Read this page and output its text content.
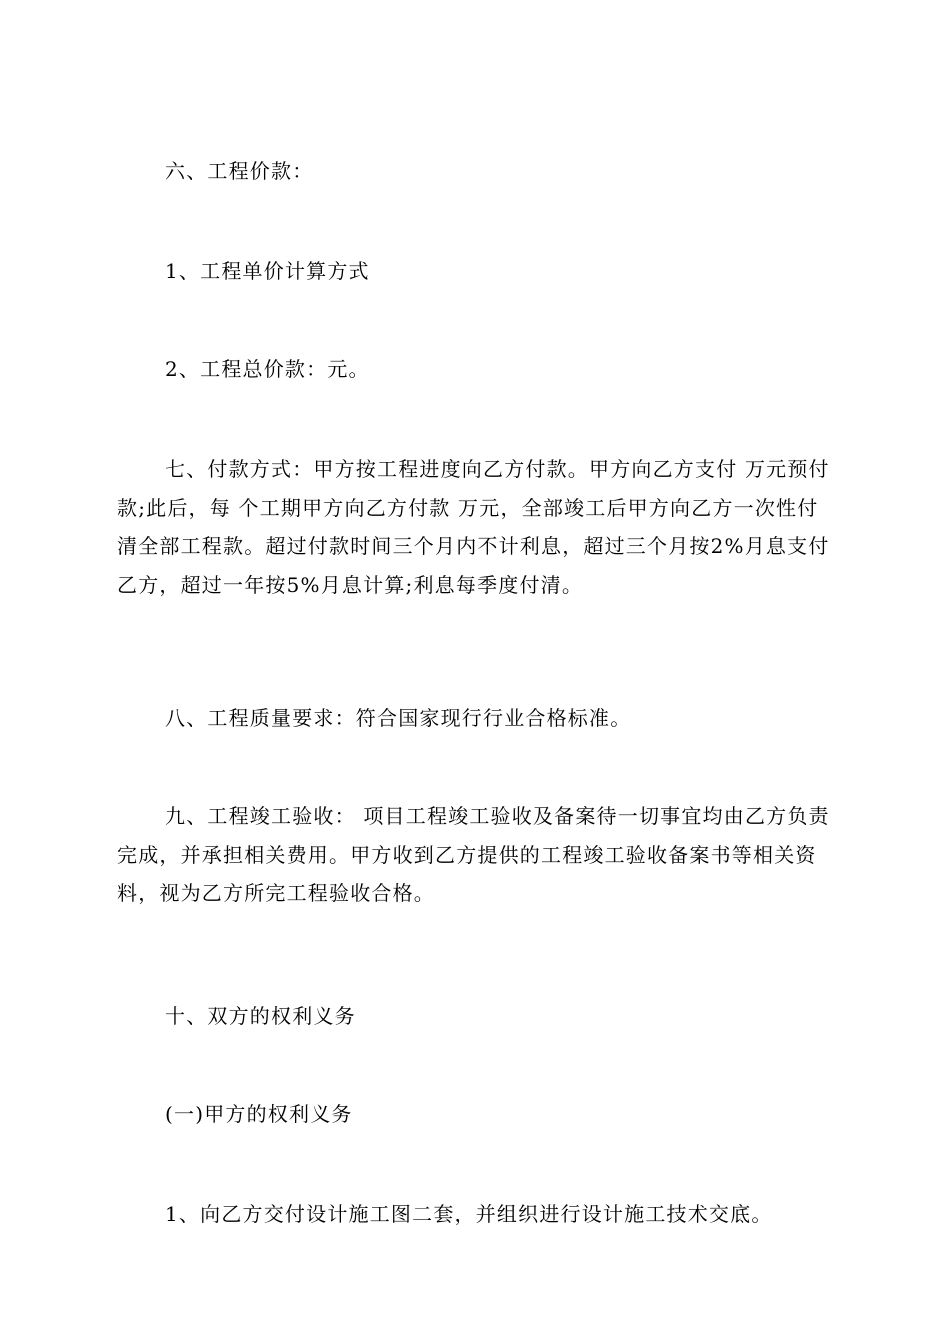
六、工程价款：

1、工程单价计算方式

2、工程总价款：元。

七、付款方式：甲方按工程进度向乙方付款。甲方向乙方支付 万元预付款;此后，每 个工期甲方向乙方付款 万元，全部竣工后甲方向乙方一次性付清全部工程款。超过付款时间三个月内不计利息，超过三个月按2%月息支付乙方，超过一年按5%月息计算;利息每季度付清。

八、工程质量要求：符合国家现行行业合格标准。

九、工程竣工验收： 项目工程竣工验收及备案待一切事宜均由乙方负责完成，并承担相关费用。甲方收到乙方提供的工程竣工验收备案书等相关资料，视为乙方所完工程验收合格。

十、双方的权利义务

(一)甲方的权利义务

1、向乙方交付设计施工图二套，并组织进行设计施工技术交底。
